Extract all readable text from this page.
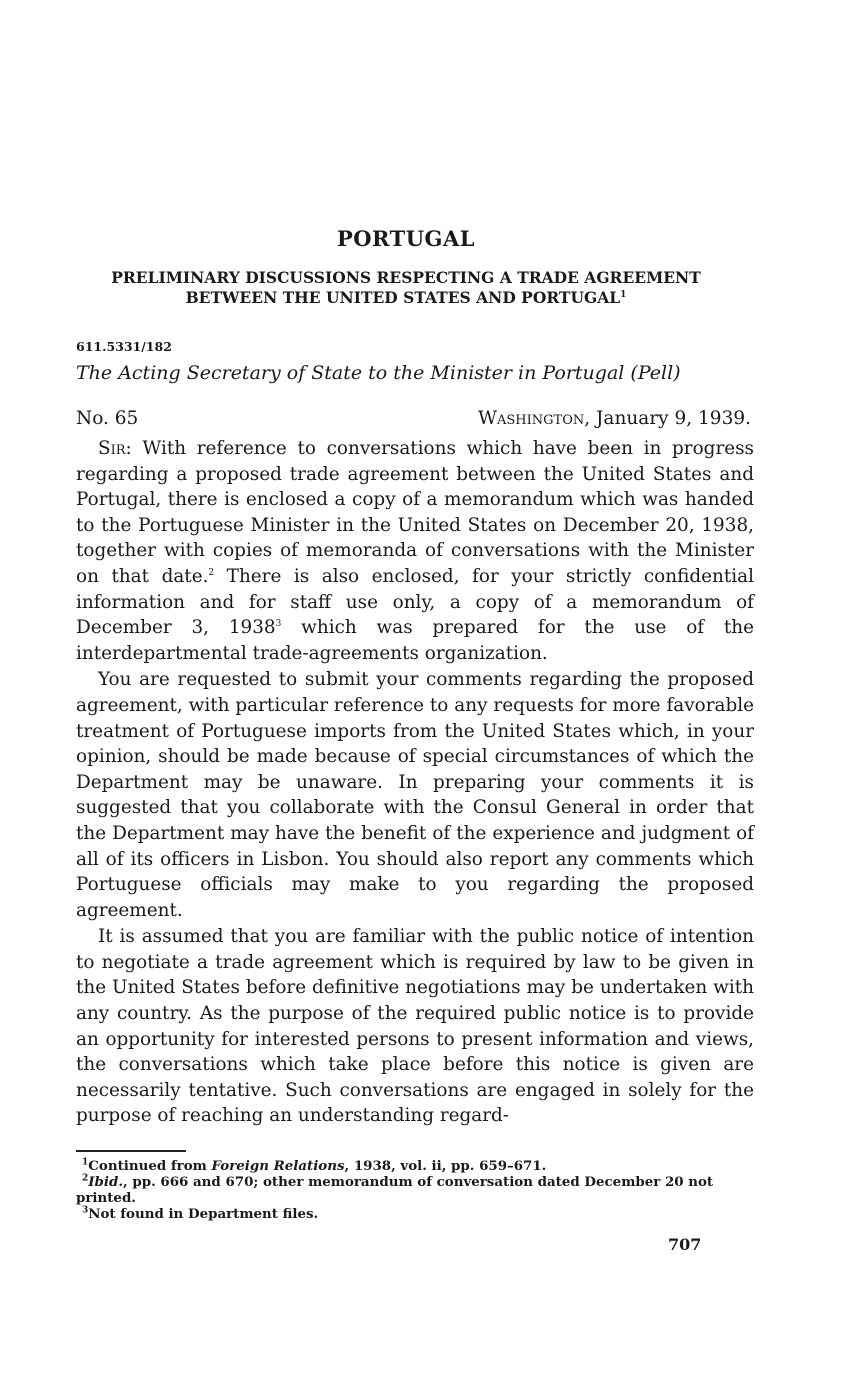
PORTUGAL
PRELIMINARY DISCUSSIONS RESPECTING A TRADE AGREEMENT
BETWEEN THE UNITED STATES AND PORTUGAL$^1$
611.5331/182
The Acting Secretary of State to the Minister in Portugal (Pell)
No. 65	Washington, January 9, 1939.

Sir: With reference to conversations which have been in progress regarding a proposed trade agreement between the United States and Portugal, there is enclosed a copy of a memorandum which was handed to the Portuguese Minister in the United States on December 20, 1938, together with copies of memoranda of conversations with the Minister on that date.$^2$ There is also enclosed, for your strictly confidential information and for staff use only, a copy of a memorandum of December 3, 1938$^3$ which was prepared for the use of the interdepartmental trade-agreements organization.

You are requested to submit your comments regarding the proposed agreement, with particular reference to any requests for more favorable treatment of Portuguese imports from the United States which, in your opinion, should be made because of special circumstances of which the Department may be unaware. In preparing your comments it is suggested that you collaborate with the Consul General in order that the Department may have the benefit of the experience and judgment of all of its officers in Lisbon. You should also report any comments which Portuguese officials may make to you regarding the proposed agreement.

It is assumed that you are familiar with the public notice of intention to negotiate a trade agreement which is required by law to be given in the United States before definitive negotiations may be undertaken with any country. As the purpose of the required public notice is to provide an opportunity for interested persons to present information and views, the conversations which take place before this notice is given are necessarily tentative. Such conversations are engaged in solely for the purpose of reaching an understanding regard-

$^1$Continued from Foreign Relations, 1938, vol. ii, pp. 659–671.

$^2$Ibid., pp. 666 and 670; other memorandum of conversation dated December 20 not printed.

$^3$Not found in Department files.

707
